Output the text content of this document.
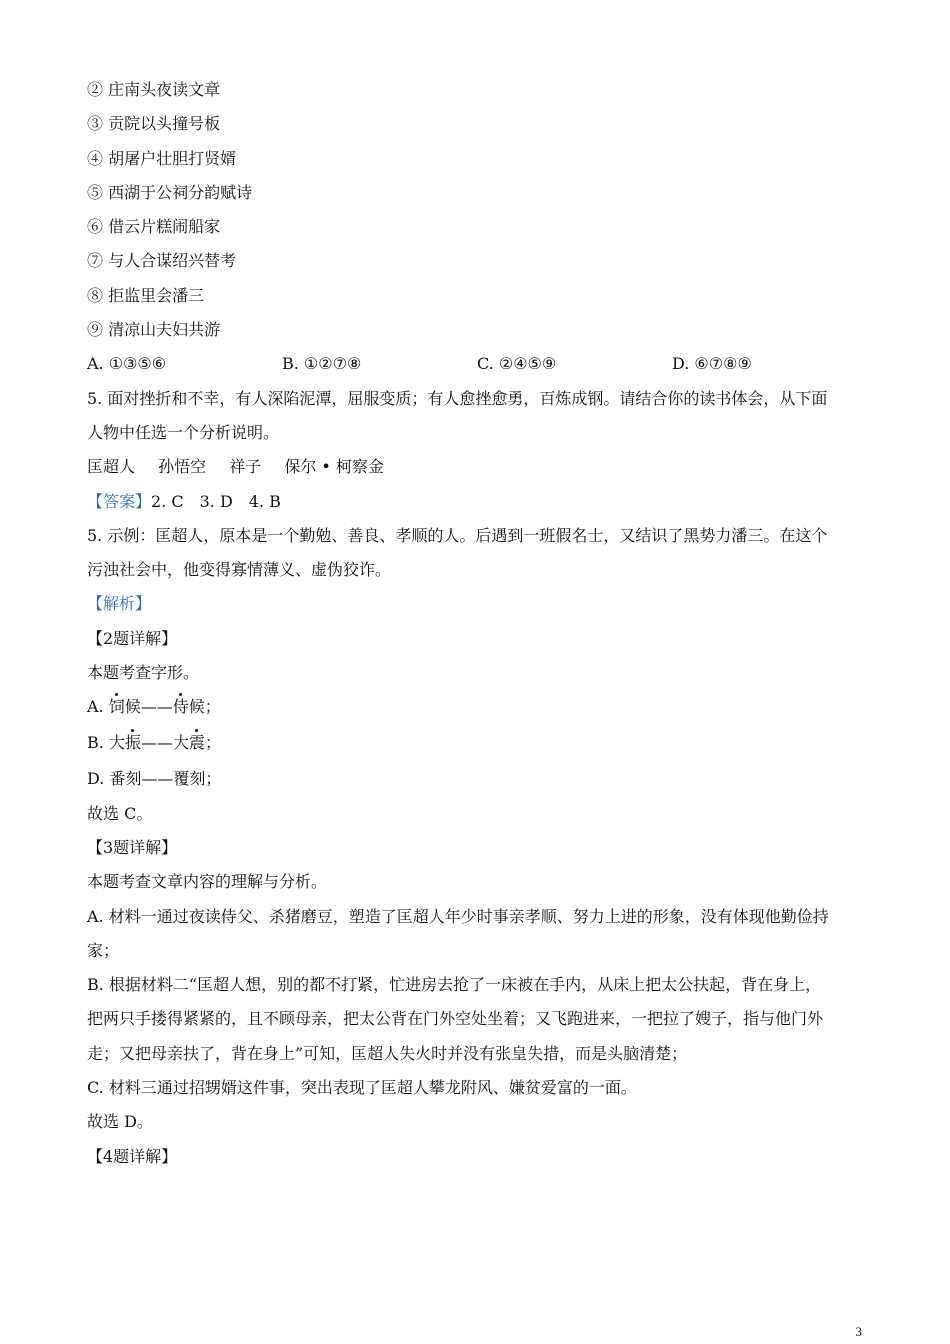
② 庄南头夜读文章
③ 贡院以头撞号板
④ 胡屠户壮胆打贤婿
⑤ 西湖于公祠分韵赋诗
⑥ 借云片糕闹船家
⑦ 与人合谋绍兴替考
⑧ 拒监里会潘三
⑨ 清凉山夫妇共游
A. ①③⑤⑥	B. ①②⑦⑧	C. ②④⑤⑨	D. ⑥⑦⑧⑨
5. 面对挫折和不幸，有人深陷泥潭，屈服变质；有人愈挫愈勇，百炼成钢。请结合你的读书体会，从下面
人物中任选一个分析说明。
匡超人 孙悟空 祥子 保尔 • 柯察金
【答案】2. C　3. D　4. B
5. 示例：匡超人，原本是一个勤勉、善良、孝顺的人。后遇到一班假名士，又结识了黑势力潘三。在这个
污浊社会中，他变得寡情薄义、虚伪狡诈。
【解析】
【2题详解】
本题考查字形。
A. 饲候——侍候；
B. 大振——大震；
D. 番刻——覆刻；
故选 C。
【3题详解】
本题考查文章内容的理解与分析。
A. 材料一通过夜读侍父、杀猪磨豆，塑造了匡超人年少时事亲孝顺、努力上进的形象，没有体现他勤俭持
家；
B. 根据材料二“匡超人想，别的都不打紧，忙进房去抢了一床被在手内，从床上把太公扶起，背在身上，
把两只手搂得紧紧的，且不顾母亲，把太公背在门外空处坐着；又飞跑进来，一把拉了嫂子，指与他门外
走；又把母亲扶了，背在身上”可知，匡超人失火时并没有张皇失措，而是头脑清楚；
C. 材料三通过招甥婿这件事，突出表现了匡超人攀龙附风、嫌贫爱富的一面。
故选 D。
【4题详解】
3
